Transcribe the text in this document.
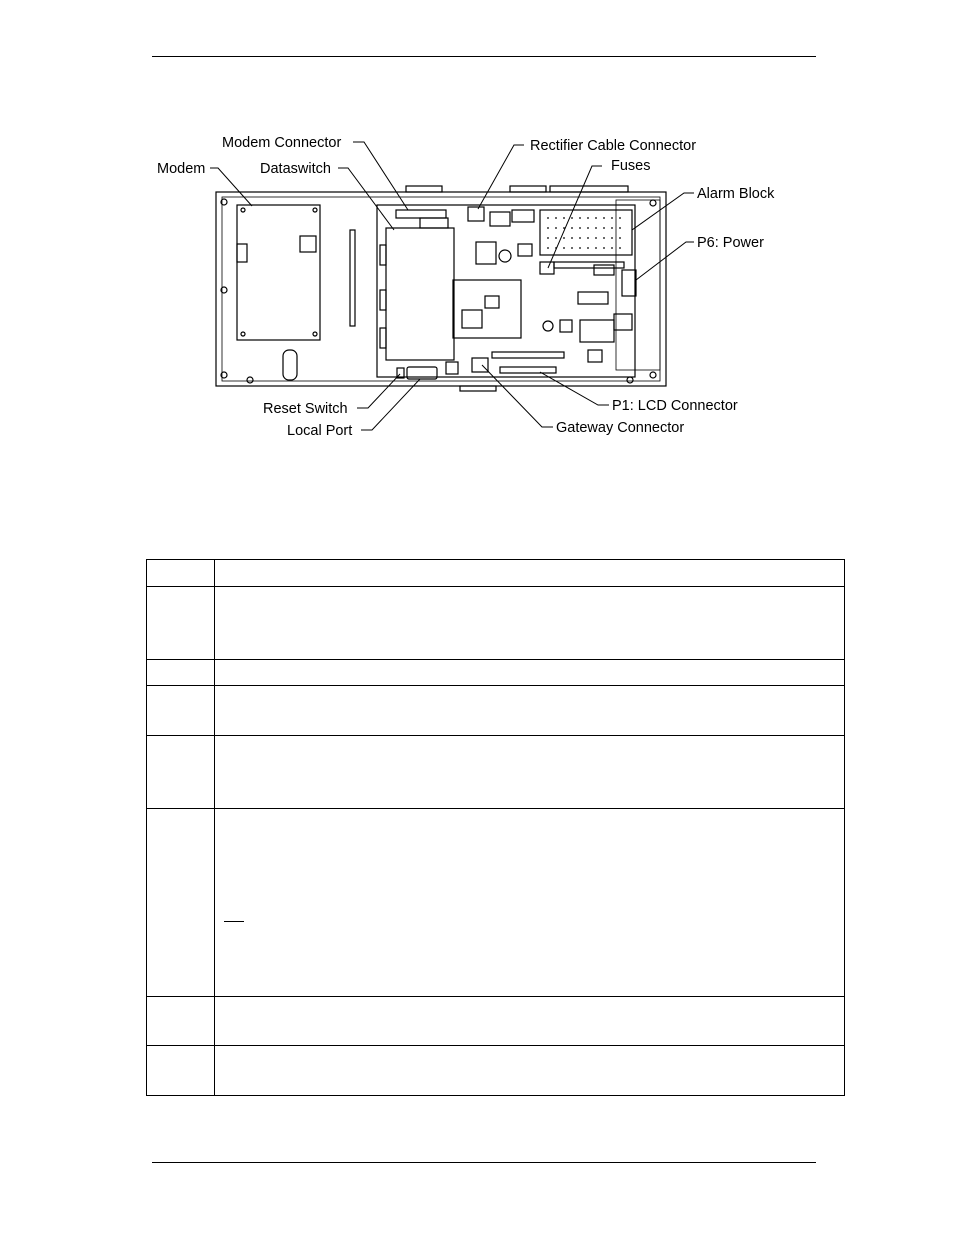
Modem Connector
Modem	Dataswitch
Rectifier Cable Connector
Fuses
Alarm Block
P6: Power
Reset Switch
Local Port
P1: LCD Connector
Gateway Connector
